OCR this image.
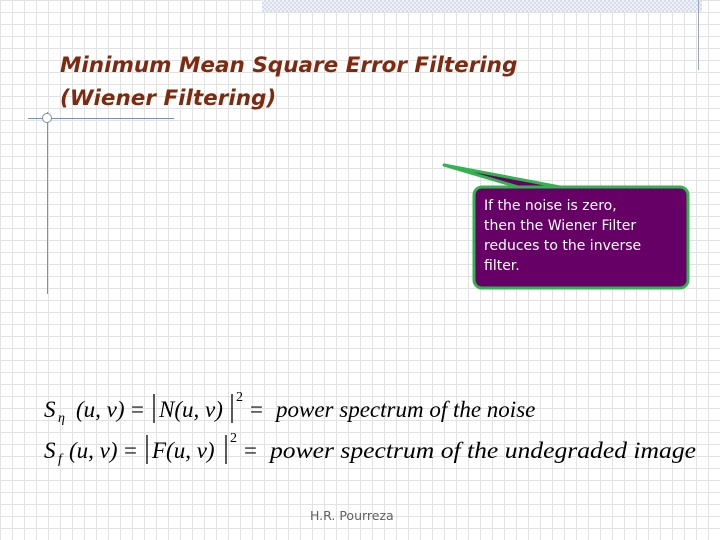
Minimum Mean Square Error Filtering
(Wiener Filtering)
If the noise is zero,
then the Wiener Filter
reduces to the inverse
filter.
S η (u, v) = N(u, v) 2 = power spectrum of the noise
S f (u, v) = F(u, v) 2 = power spectrum of the undegraded image
H.R. Pourreza
